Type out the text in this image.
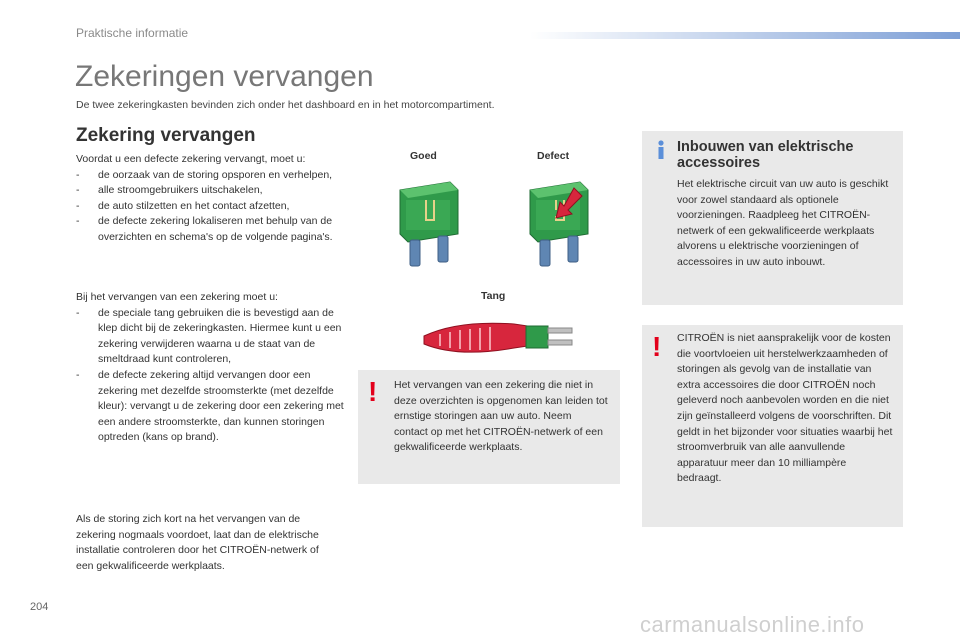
Praktische informatie
Zekeringen vervangen
De twee zekeringkasten bevinden zich onder het dashboard en in het motorcompartiment.
Zekering vervangen

Voordat u een defecte zekering vervangt, moet u:

- de oorzaak van de storing opsporen en verhelpen,
- alle stroomgebruikers uitschakelen,
- de auto stilzetten en het contact afzetten,
- de defecte zekering lokaliseren met behulp van de overzichten en schema's op de volgende pagina's.

Bij het vervangen van een zekering moet u:

- de speciale tang gebruiken die is bevestigd aan de klep dicht bij de zekeringkasten. Hiermee kunt u een zekering verwijderen waarna u de staat van de smeltdraad kunt controleren,
- de defecte zekering altijd vervangen door een zekering met dezelfde stroomsterkte (met dezelfde kleur): vervangt u de zekering door een zekering met een andere stroomsterkte, dan kunnen storingen optreden (kans op brand).

Als de storing zich kort na het vervangen van de zekering nogmaals voordoet, laat dan de elektrische installatie controleren door het CITROËN-netwerk of een gekwalificeerde werkplaats.

Goed	Defect
Tang
! Het vervangen van een zekering die niet in deze overzichten is opgenomen kan leiden tot ernstige storingen aan uw auto. Neem contact op met het CITROËN-netwerk of een gekwalificeerde werkplaats.
Inbouwen van elektrische accessoires
Het elektrische circuit van uw auto is geschikt voor zowel standaard als optionele voorzieningen. Raadpleeg het CITROËN-netwerk of een gekwalificeerde werkplaats alvorens u elektrische voorzieningen of accessoires in uw auto inbouwt.
! CITROËN is niet aansprakelijk voor de kosten die voortvloeien uit herstelwerkzaamheden of storingen als gevolg van de installatie van extra accessoires die door CITROËN noch geleverd noch aanbevolen worden en die niet zijn geïnstalleerd volgens de voorschriften. Dit geldt in het bijzonder voor situaties waarbij het stroomverbruik van alle aanvullende apparatuur meer dan 10 milliampère bedraagt.
204
carmanualsonline.info
